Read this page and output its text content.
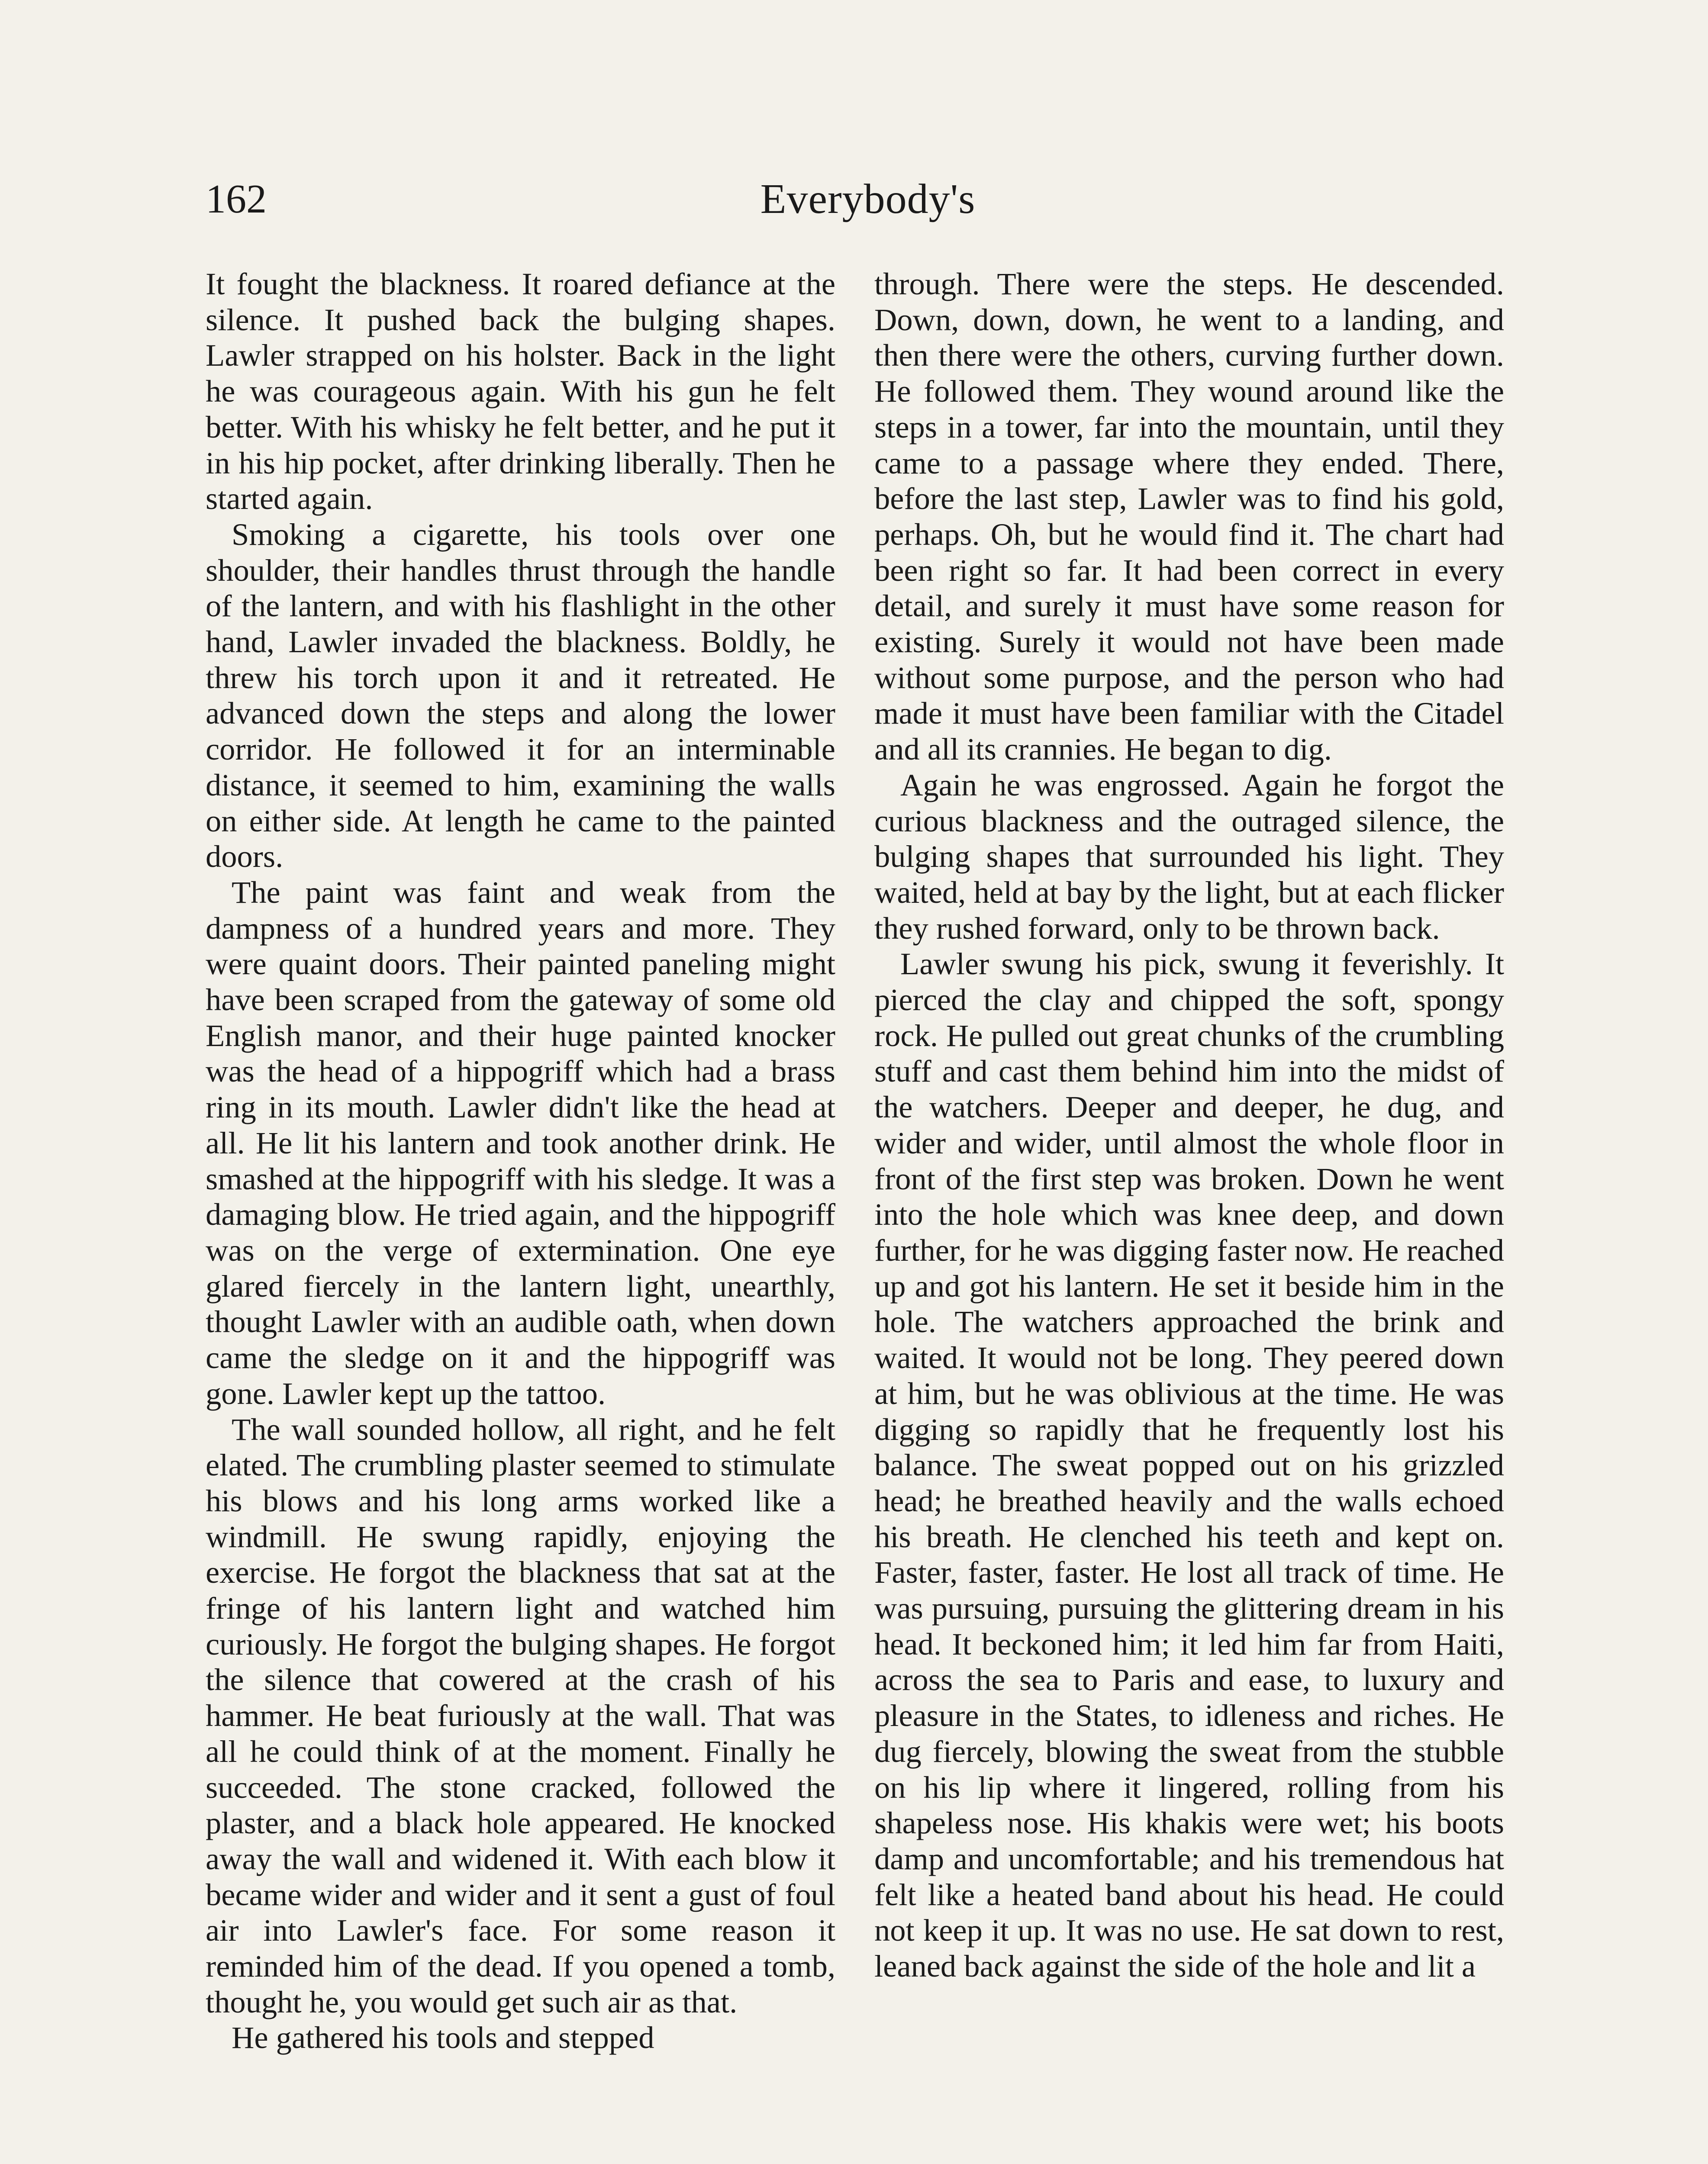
162	Everybody's

It fought the blackness. It roared defiance at the silence. It pushed back the bulging shapes. Lawler strapped on his holster. Back in the light he was courageous again. With his gun he felt better. With his whisky he felt better, and he put it in his hip pocket, after drinking liberally. Then he started again.

Smoking a cigarette, his tools over one shoulder, their handles thrust through the handle of the lantern, and with his flashlight in the other hand, Lawler invaded the blackness. Boldly, he threw his torch upon it and it retreated. He advanced down the steps and along the lower corridor. He followed it for an interminable distance, it seemed to him, examining the walls on either side. At length he came to the painted doors.

The paint was faint and weak from the dampness of a hundred years and more. They were quaint doors. Their painted paneling might have been scraped from the gateway of some old English manor, and their huge painted knocker was the head of a hippogriff which had a brass ring in its mouth. Lawler didn't like the head at all. He lit his lantern and took another drink. He smashed at the hippogriff with his sledge. It was a damaging blow. He tried again, and the hippogriff was on the verge of extermination. One eye glared fiercely in the lantern light, unearthly, thought Lawler with an audible oath, when down came the sledge on it and the hippogriff was gone. Lawler kept up the tattoo.

The wall sounded hollow, all right, and he felt elated. The crumbling plaster seemed to stimulate his blows and his long arms worked like a windmill. He swung rapidly, enjoying the exercise. He forgot the blackness that sat at the fringe of his lantern light and watched him curiously. He forgot the bulging shapes. He forgot the silence that cowered at the crash of his hammer. He beat furiously at the wall. That was all he could think of at the moment. Finally he succeeded. The stone cracked, followed the plaster, and a black hole appeared. He knocked away the wall and widened it. With each blow it became wider and wider and it sent a gust of foul air into Lawler's face. For some reason it reminded him of the dead. If you opened a tomb, thought he, you would get such air as that.

He gathered his tools and stepped

through. There were the steps. He descended. Down, down, down, he went to a landing, and then there were the others, curving further down. He followed them. They wound around like the steps in a tower, far into the mountain, until they came to a passage where they ended. There, before the last step, Lawler was to find his gold, perhaps. Oh, but he would find it. The chart had been right so far. It had been correct in every detail, and surely it must have some reason for existing. Surely it would not have been made without some purpose, and the person who had made it must have been familiar with the Citadel and all its crannies. He began to dig.

Again he was engrossed. Again he forgot the curious blackness and the outraged silence, the bulging shapes that surrounded his light. They waited, held at bay by the light, but at each flicker they rushed forward, only to be thrown back.

Lawler swung his pick, swung it feverishly. It pierced the clay and chipped the soft, spongy rock. He pulled out great chunks of the crumbling stuff and cast them behind him into the midst of the watchers. Deeper and deeper, he dug, and wider and wider, until almost the whole floor in front of the first step was broken. Down he went into the hole which was knee deep, and down further, for he was digging faster now. He reached up and got his lantern. He set it beside him in the hole. The watchers approached the brink and waited. It would not be long. They peered down at him, but he was oblivious at the time. He was digging so rapidly that he frequently lost his balance. The sweat popped out on his grizzled head; he breathed heavily and the walls echoed his breath. He clenched his teeth and kept on. Faster, faster, faster. He lost all track of time. He was pursuing, pursuing the glittering dream in his head. It beckoned him; it led him far from Haiti, across the sea to Paris and ease, to luxury and pleasure in the States, to idleness and riches. He dug fiercely, blowing the sweat from the stubble on his lip where it lingered, rolling from his shapeless nose. His khakis were wet; his boots damp and uncomfortable; and his tremendous hat felt like a heated band about his head. He could not keep it up. It was no use. He sat down to rest, leaned back against the side of the hole and lit a
